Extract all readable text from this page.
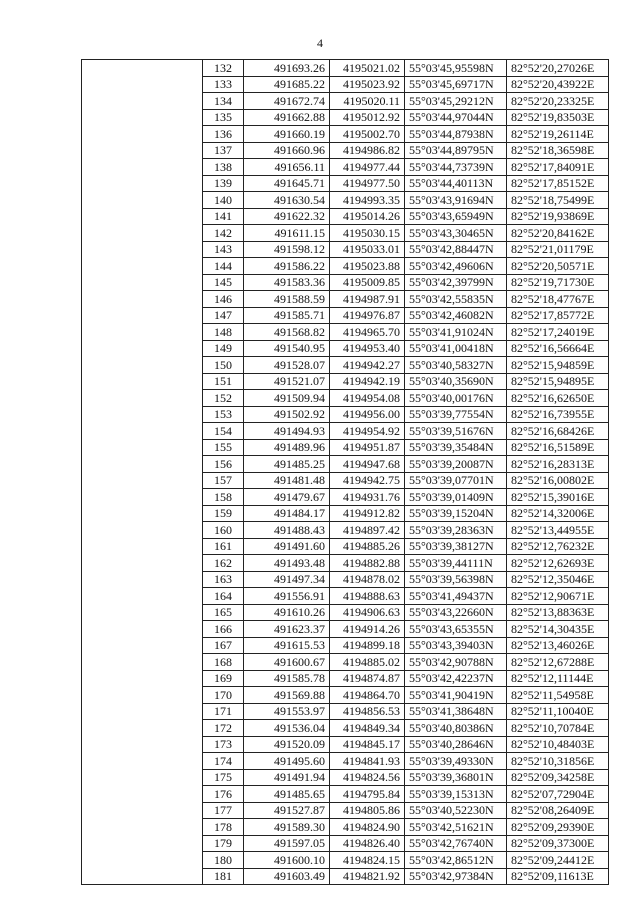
4
	132	491693.26	4195021.02	55°03'45,95598N	82°52'20,27026E
	133	491685.22	4195023.92	55°03'45,69717N	82°52'20,43922E
	134	491672.74	4195020.11	55°03'45,29212N	82°52'20,23325E
	135	491662.88	4195012.92	55°03'44,97044N	82°52'19,83503E
	136	491660.19	4195002.70	55°03'44,87938N	82°52'19,26114E
	137	491660.96	4194986.82	55°03'44,89795N	82°52'18,36598E
	138	491656.11	4194977.44	55°03'44,73739N	82°52'17,84091E
	139	491645.71	4194977.50	55°03'44,40113N	82°52'17,85152E
	140	491630.54	4194993.35	55°03'43,91694N	82°52'18,75499E
	141	491622.32	4195014.26	55°03'43,65949N	82°52'19,93869E
	142	491611.15	4195030.15	55°03'43,30465N	82°52'20,84162E
	143	491598.12	4195033.01	55°03'42,88447N	82°52'21,01179E
	144	491586.22	4195023.88	55°03'42,49606N	82°52'20,50571E
	145	491583.36	4195009.85	55°03'42,39799N	82°52'19,71730E
	146	491588.59	4194987.91	55°03'42,55835N	82°52'18,47767E
	147	491585.71	4194976.87	55°03'42,46082N	82°52'17,85772E
	148	491568.82	4194965.70	55°03'41,91024N	82°52'17,24019E
	149	491540.95	4194953.40	55°03'41,00418N	82°52'16,56664E
	150	491528.07	4194942.27	55°03'40,58327N	82°52'15,94859E
	151	491521.07	4194942.19	55°03'40,35690N	82°52'15,94895E
	152	491509.94	4194954.08	55°03'40,00176N	82°52'16,62650E
	153	491502.92	4194956.00	55°03'39,77554N	82°52'16,73955E
	154	491494.93	4194954.92	55°03'39,51676N	82°52'16,68426E
	155	491489.96	4194951.87	55°03'39,35484N	82°52'16,51589E
	156	491485.25	4194947.68	55°03'39,20087N	82°52'16,28313E
	157	491481.48	4194942.75	55°03'39,07701N	82°52'16,00802E
	158	491479.67	4194931.76	55°03'39,01409N	82°52'15,39016E
	159	491484.17	4194912.82	55°03'39,15204N	82°52'14,32006E
	160	491488.43	4194897.42	55°03'39,28363N	82°52'13,44955E
	161	491491.60	4194885.26	55°03'39,38127N	82°52'12,76232E
	162	491493.48	4194882.88	55°03'39,44111N	82°52'12,62693E
	163	491497.34	4194878.02	55°03'39,56398N	82°52'12,35046E
	164	491556.91	4194888.63	55°03'41,49437N	82°52'12,90671E
	165	491610.26	4194906.63	55°03'43,22660N	82°52'13,88363E
	166	491623.37	4194914.26	55°03'43,65355N	82°52'14,30435E
	167	491615.53	4194899.18	55°03'43,39403N	82°52'13,46026E
	168	491600.67	4194885.02	55°03'42,90788N	82°52'12,67288E
	169	491585.78	4194874.87	55°03'42,42237N	82°52'12,11144E
	170	491569.88	4194864.70	55°03'41,90419N	82°52'11,54958E
	171	491553.97	4194856.53	55°03'41,38648N	82°52'11,10040E
	172	491536.04	4194849.34	55°03'40,80386N	82°52'10,70784E
	173	491520.09	4194845.17	55°03'40,28646N	82°52'10,48403E
	174	491495.60	4194841.93	55°03'39,49330N	82°52'10,31856E
	175	491491.94	4194824.56	55°03'39,36801N	82°52'09,34258E
	176	491485.65	4194795.84	55°03'39,15313N	82°52'07,72904E
	177	491527.87	4194805.86	55°03'40,52230N	82°52'08,26409E
	178	491589.30	4194824.90	55°03'42,51621N	82°52'09,29390E
	179	491597.05	4194826.40	55°03'42,76740N	82°52'09,37300E
	180	491600.10	4194824.15	55°03'42,86512N	82°52'09,24412E
	181	491603.49	4194821.92	55°03'42,97384N	82°52'09,11613E
